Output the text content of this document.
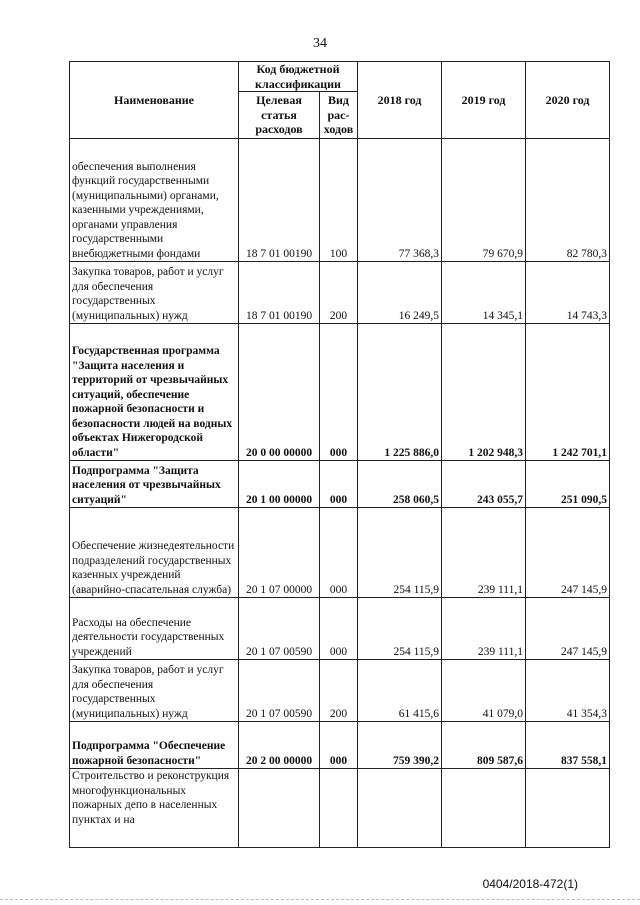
34
Наименование	Код бюджетной классификации		2018 год	2019 год	2020 год
	Целевая статья расходов	Вид рас-ходов			
обеспечения выполнения функций государственными (муниципальными) органами, казенными учреждениями, органами управления государственными внебюджетными фондами	18 7 01 00190	100	77 368,3	79 670,9	82 780,3
Закупка товаров, работ и услуг для обеспечения государственных (муниципальных) нужд	18 7 01 00190	200	16 249,5	14 345,1	14 743,3
Государственная программа "Защита населения и территорий от чрезвычайных ситуаций, обеспечение пожарной безопасности и безопасности людей на водных объектах Нижегородской области"	20 0 00 00000	000	1 225 886,0	1 202 948,3	1 242 701,1
Подпрограмма "Защита населения от чрезвычайных ситуаций"	20 1 00 00000	000	258 060,5	243 055,7	251 090,5
Обеспечение жизнедеятельности подразделений государственных казенных учреждений (аварийно-спасательная служба)	20 1 07 00000	000	254 115,9	239 111,1	247 145,9
Расходы на обеспечение деятельности государственных учреждений	20 1 07 00590	000	254 115,9	239 111,1	247 145,9
Закупка товаров, работ и услуг для обеспечения государственных (муниципальных) нужд	20 1 07 00590	200	61 415,6	41 079,0	41 354,3
Подпрограмма "Обеспечение пожарной безопасности"	20 2 00 00000	000	759 390,2	809 587,6	837 558,1
Строительство и реконструкция многофункциональных пожарных депо в населенных пунктах и на					
0404/2018-472(1)
